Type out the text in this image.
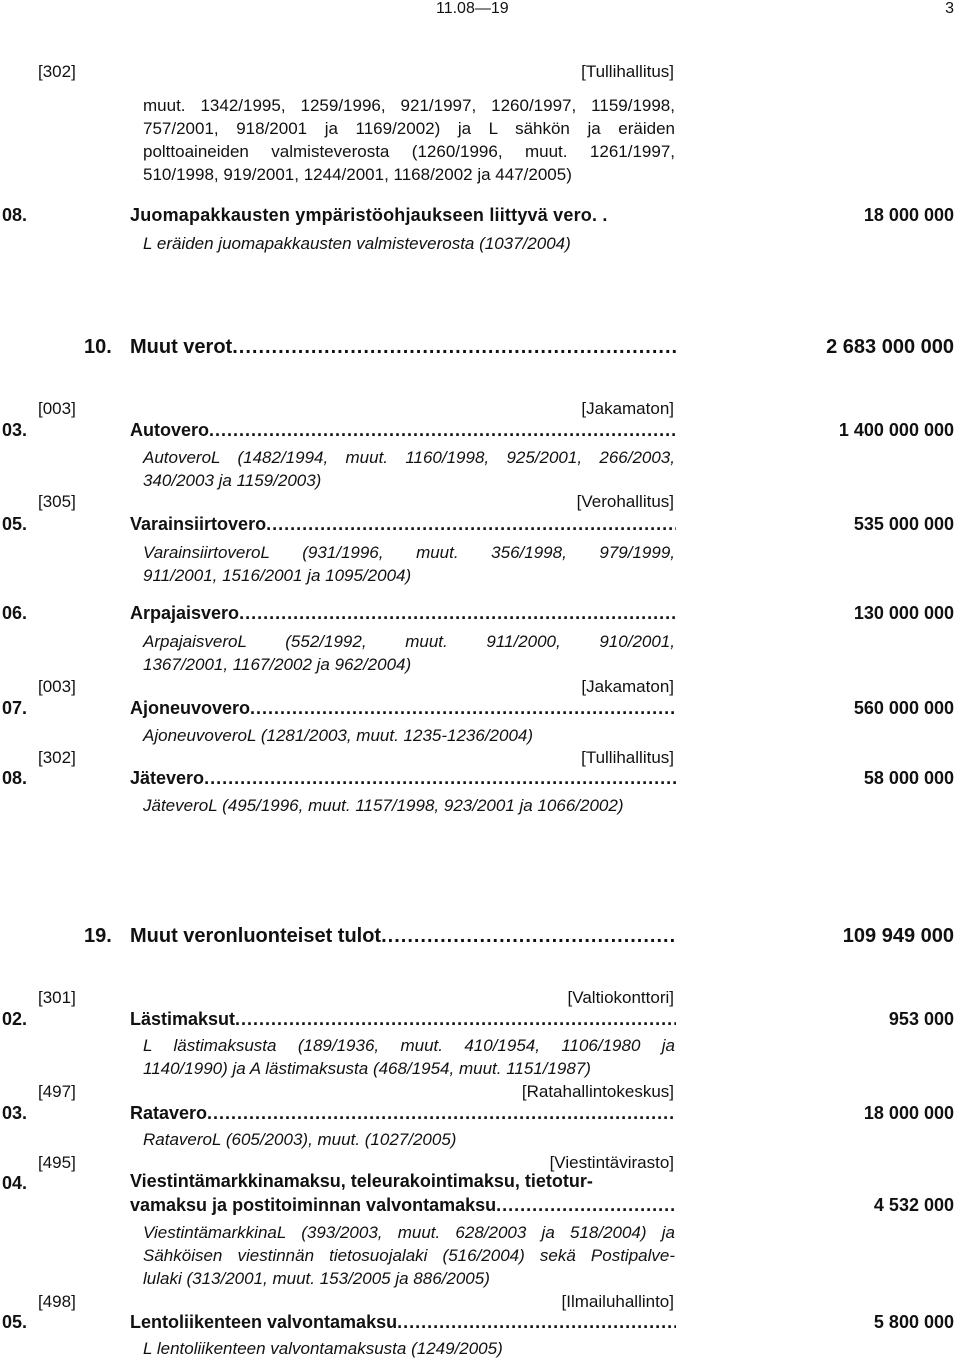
11.08—19	3
[302]	[Tullihallitus]
muut. 1342/1995, 1259/1996, 921/1997, 1260/1997, 1159/1998,
757/2001, 918/2001 ja 1169/2002) ja L sähkön ja eräiden
polttoaineiden valmisteverosta (1260/1996, muut. 1261/1997,
510/1998, 919/2001, 1244/2001, 1168/2002 ja 447/2005)
08.	Juomapakkausten ympäristöohjaukseen liittyvä vero. .	18 000 000
L eräiden juomapakkausten valmisteverosta (1037/2004)
10. Muut verot .....	2 683 000 000
[003]	[Jakamaton]
03.	Autovero .....	1 400 000 000
AutoveroL (1482/1994, muut. 1160/1998, 925/2001, 266/2003,
340/2003 ja 1159/2003)
[305]	[Verohallitus]
05.	Varainsiirtovero .....	535 000 000
VarainsiirtoveroL (931/1996, muut. 356/1998, 979/1999,
911/2001, 1516/2001 ja 1095/2004)
06.	Arpajaisvero .....	130 000 000
ArpajaisveroL (552/1992, muut. 911/2000, 910/2001,
1367/2001, 1167/2002 ja 962/2004)
[003]	[Jakamaton]
07.	Ajoneuvovero .....	560 000 000
AjoneuvoveroL (1281/2003, muut. 1235-1236/2004)
[302]	[Tullihallitus]
08.	Jätevero .....	58 000 000
JäteveroL (495/1996, muut. 1157/1998, 923/2001 ja 1066/2002)
19. Muut veronluonteiset tulot .....	109 949 000
[301]	[Valtiokonttori]
02.	Lästimaksut .....	953 000
L lästimaksusta (189/1936, muut. 410/1954, 1106/1980 ja
1140/1990) ja A lästimaksusta (468/1954, muut. 1151/1987)
[497]	[Ratahallintokeskus]
03.	Ratavero .....	18 000 000
RataveroL (605/2003), muut. (1027/2005)
[495]	[Viestintävirasto]
04.	Viestintämarkkinamaksu, teleurakointimaksu, tietotur-
vamaksu ja postitoiminnan valvontamaksu .....	4 532 000
ViestintämarkkinaL (393/2003, muut. 628/2003 ja 518/2004) ja
Sähköisen viestinnän tietosuojalaki (516/2004) sekä Postipalve-
lulaki (313/2001, muut. 153/2005 ja 886/2005)
[498]	[Ilmailuhallinto]
05.	Lentoliikenteen valvontamaksu .....	5 800 000
L lentoliikenteen valvontamaksusta (1249/2005)
